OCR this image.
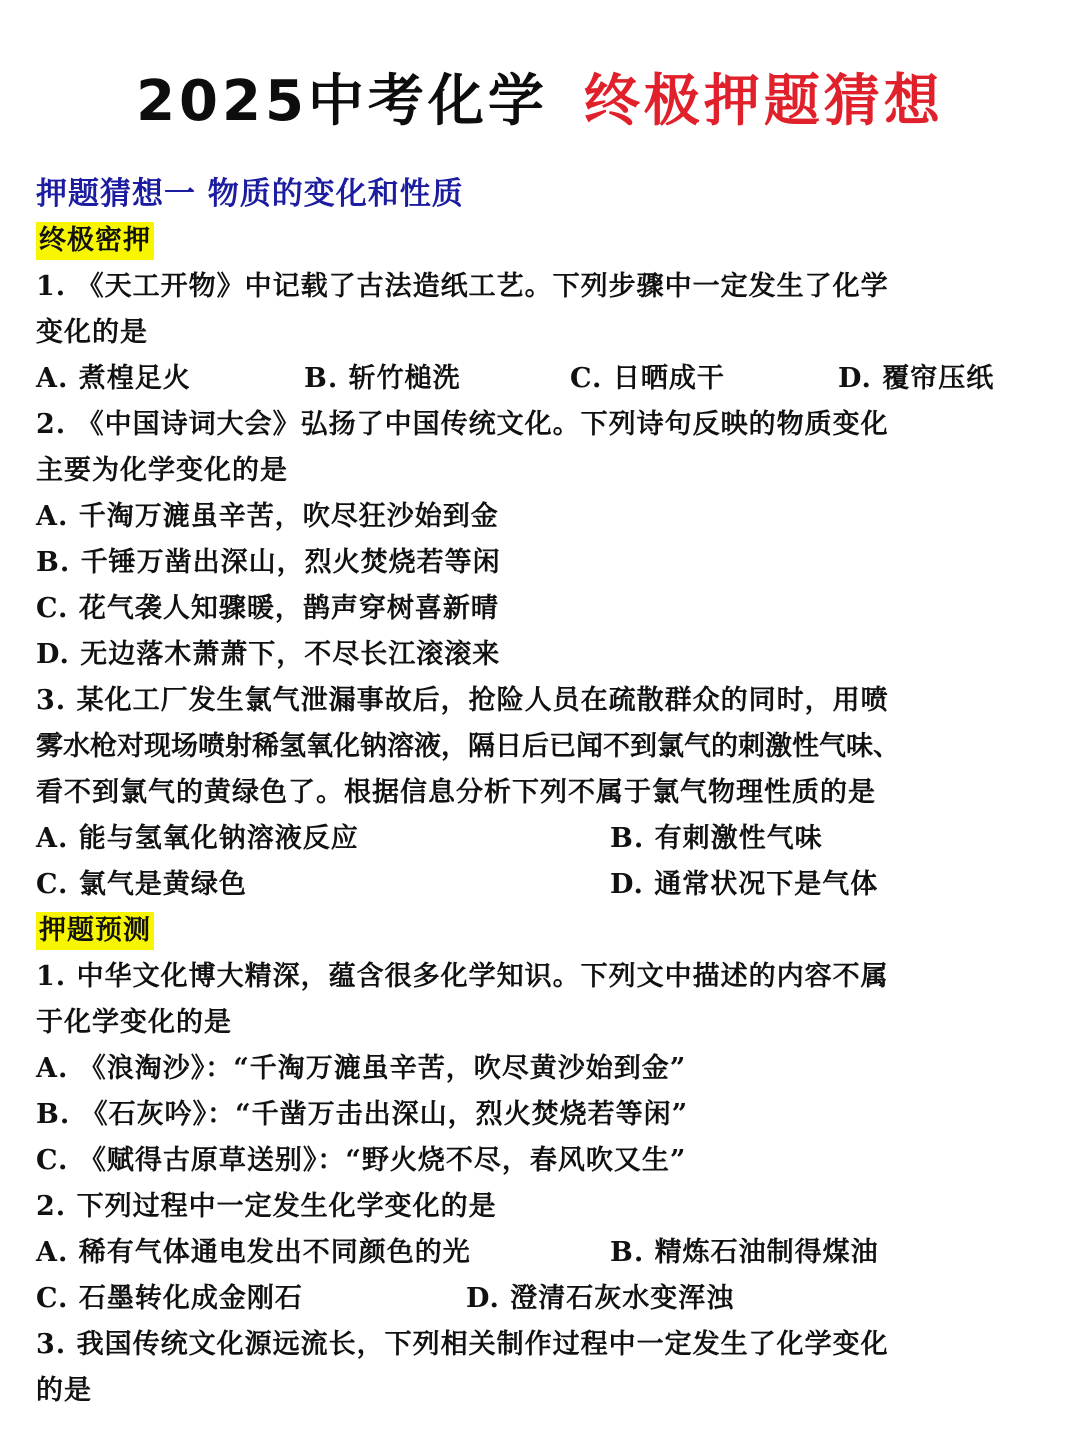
2025中考化学 终极押题猜想
押题猜想一 物质的变化和性质
终极密押
1. 《天工开物》中记载了古法造纸工艺。下列步骤中一定发生了化学
变化的是
A. 煮楻足火	B. 斩竹槌洗	C. 日晒成干	D. 覆帘压纸
2. 《中国诗词大会》弘扬了中国传统文化。下列诗句反映的物质变化
主要为化学变化的是
A. 千淘万漉虽辛苦，吹尽狂沙始到金
B. 千锤万凿出深山，烈火焚烧若等闲
C. 花气袭人知骤暖，鹊声穿树喜新晴
D. 无边落木萧萧下，不尽长江滚滚来
3. 某化工厂发生氯气泄漏事故后，抢险人员在疏散群众的同时，用喷
雾水枪对现场喷射稀氢氧化钠溶液，隔日后已闻不到氯气的刺激性气味、
看不到氯气的黄绿色了。根据信息分析下列不属于氯气物理性质的是
A. 能与氢氧化钠溶液反应	B. 有刺激性气味
C. 氯气是黄绿色	D. 通常状况下是气体
押题预测
1. 中华文化博大精深，蕴含很多化学知识。下列文中描述的内容不属
于化学变化的是
A. 《浪淘沙》：“千淘万漉虽辛苦，吹尽黄沙始到金”
B. 《石灰吟》：“千凿万击出深山，烈火焚烧若等闲”
C. 《赋得古原草送别》：“野火烧不尽，春风吹又生”
2. 下列过程中一定发生化学变化的是
A. 稀有气体通电发出不同颜色的光	B. 精炼石油制得煤油
C. 石墨转化成金刚石	D. 澄清石灰水变浑浊
3. 我国传统文化源远流长，下列相关制作过程中一定发生了化学变化
的是
